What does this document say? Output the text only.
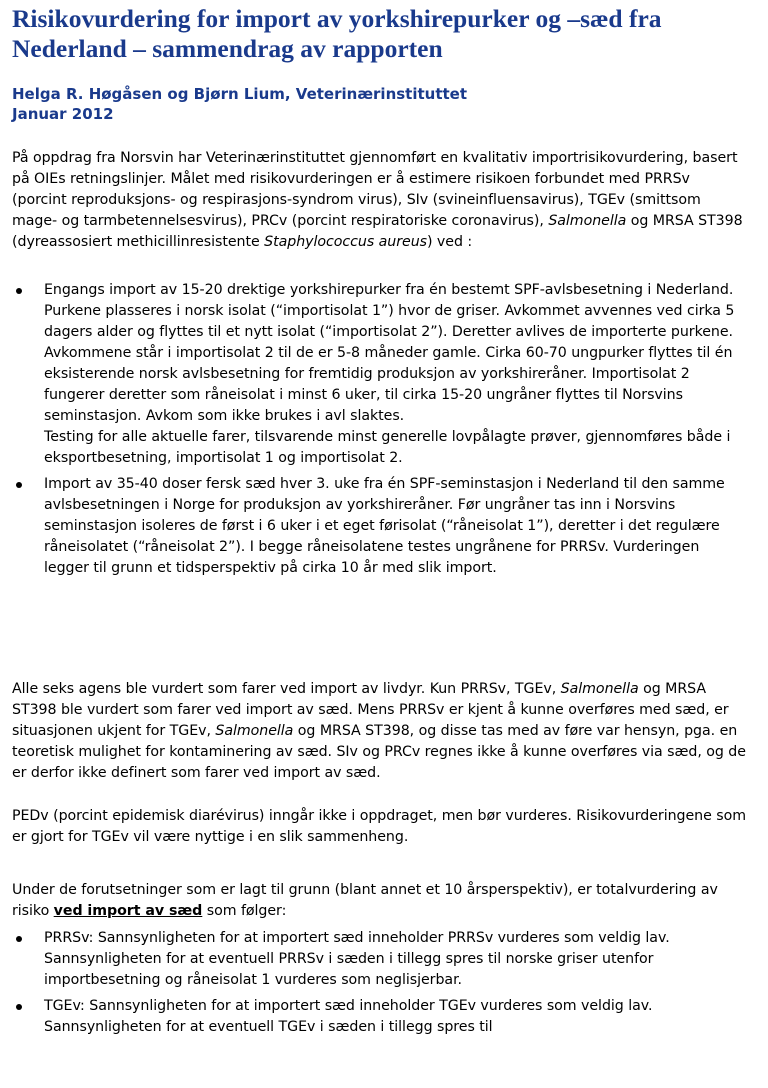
Risikovurdering for import av yorkshirepurker og –sæd fra Nederland – sammendrag av rapporten
Helga R. Høgåsen og Bjørn Lium, Veterinærinstituttet
Januar 2012

På oppdrag fra Norsvin har Veterinærinstituttet gjennomført en kvalitativ importrisikovurdering, basert på OIEs retningslinjer. Målet med risikovurderingen er å estimere risikoen forbundet med PRRSv (porcint reproduksjons- og respirasjons-syndrom virus), SIv (svineinfluensavirus), TGEv (smittsom mage- og tarmbetennelsesvirus), PRCv (porcint respiratoriske coronavirus), Salmonella og MRSA ST398 (dyreassosiert methicillinresistente Staphylococcus aureus) ved :

Engangs import av 15-20 drektige yorkshirepurker fra én bestemt SPF-avlsbesetning i Nederland. Purkene plasseres i norsk isolat (“importisolat 1”) hvor de griser. Avkommet avvennes ved cirka 5 dagers alder og flyttes til et nytt isolat (“importisolat 2”). Deretter avlives de importerte purkene. Avkommene står i importisolat 2 til de er 5-8 måneder gamle. Cirka 60-70 ungpurker flyttes til én eksisterende norsk avlsbesetning for fremtidig produksjon av yorkshireråner. Importisolat 2 fungerer deretter som råneisolat i minst 6 uker, til cirka 15-20 ungråner flyttes til Norsvins seminstasjon. Avkom som ikke brukes i avl slaktes.
Testing for alle aktuelle farer, tilsvarende minst generelle lovpålagte prøver, gjennomføres både i eksportbesetning, importisolat 1 og importisolat 2.
Import av 35-40 doser fersk sæd hver 3. uke fra én SPF-seminstasjon i Nederland til den samme avlsbesetningen i Norge for produksjon av yorkshireråner. Før ungråner tas inn i Norsvins seminstasjon isoleres de først i 6 uker i et eget førisolat (“råneisolat 1”), deretter i det regulære råneisolatet (“råneisolat 2”). I begge råneisolatene testes ungrånene for PRRSv. Vurderingen legger til grunn et tidsperspektiv på cirka 10 år med slik import.

Alle seks agens ble vurdert som farer ved import av livdyr. Kun PRRSv, TGEv, Salmonella og MRSA ST398 ble vurdert som farer ved import av sæd. Mens PRRSv er kjent å kunne overføres med sæd, er situasjonen ukjent for TGEv, Salmonella og MRSA ST398, og disse tas med av føre var hensyn, pga. en teoretisk mulighet for kontaminering av sæd. SIv og PRCv regnes ikke å kunne overføres via sæd, og de er derfor ikke definert som farer ved import av sæd.

PEDv (porcint epidemisk diarévirus) inngår ikke i oppdraget, men bør vurderes. Risikovurderingene som er gjort for TGEv vil være nyttige i en slik sammenheng.

Under de forutsetninger som er lagt til grunn (blant annet et 10 årsperspektiv), er totalvurdering av risiko ved import av sæd som følger:

PRRSv: Sannsynligheten for at importert sæd inneholder PRRSv vurderes som veldig lav. Sannsynligheten for at eventuell PRRSv i sæden i tillegg spres til norske griser utenfor importbesetning og råneisolat 1 vurderes som neglisjerbar.
TGEv: Sannsynligheten for at importert sæd inneholder TGEv vurderes som veldig lav. Sannsynligheten for at eventuell TGEv i sæden i tillegg spres til
